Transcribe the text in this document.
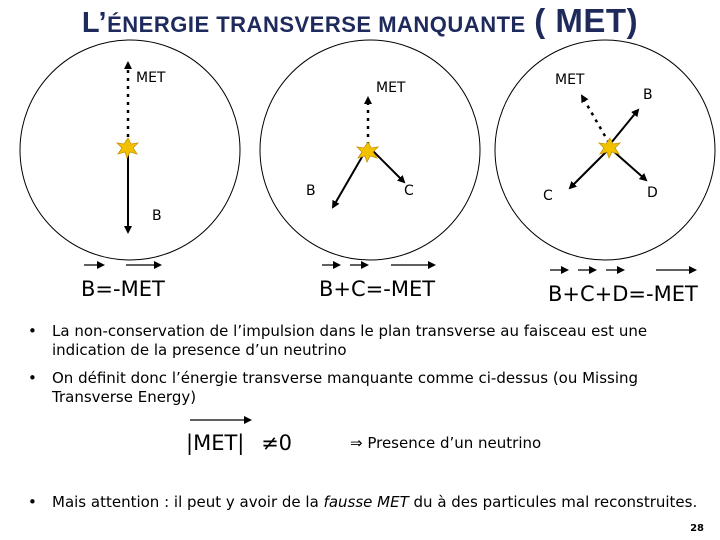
L’ÉNERGIE TRANSVERSE MANQUANTE ( MET)
MET
B
MET
B	C
MET
B
C	D
B=-MET	B+C=-MET	B+C+D=-MET
• La non-conservation de l’impulsion dans le plan transverse au faisceau est une indication de la presence d’un neutrino
• On définit donc l’énergie transverse manquante comme ci-dessus (ou Missing Transverse Energy)
|MET| ≠0	⇒ Presence d’un neutrino
• Mais attention : il peut y avoir de la fausse MET du à des particules mal reconstruites.
28
